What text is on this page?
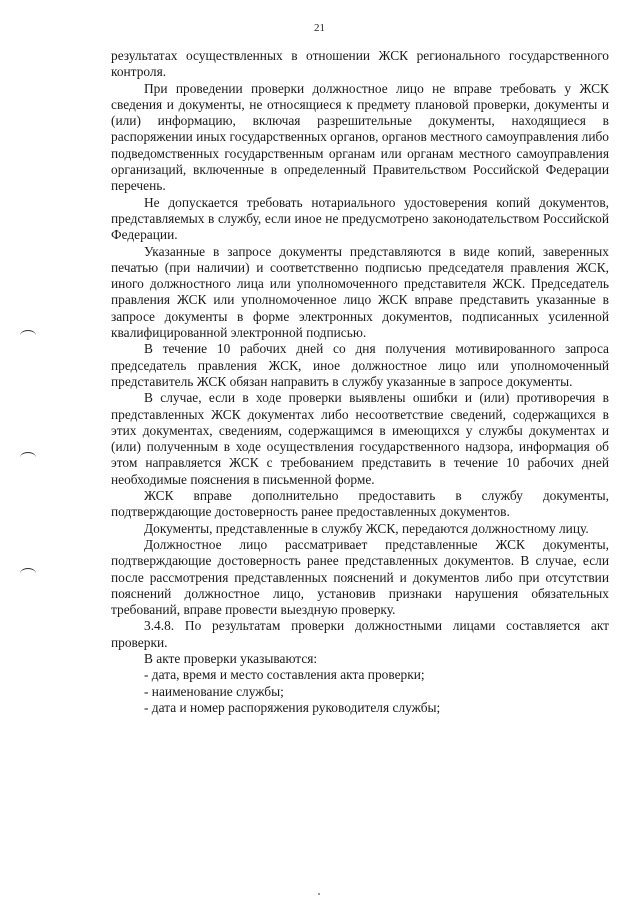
21

результатах осуществленных в отношении ЖСК регионального государственного контроля.

При проведении проверки должностное лицо не вправе требовать у ЖСК сведения и документы, не относящиеся к предмету плановой проверки, документы и (или) информацию, включая разрешительные документы, находящиеся в распоряжении иных государственных органов, органов местного самоуправления либо подведомственных государственным органам или органам местного самоуправления организаций, включенные в определенный Правительством Российской Федерации перечень.

Не допускается требовать нотариального удостоверения копий документов, представляемых в службу, если иное не предусмотрено законодательством Российской Федерации.

Указанные в запросе документы представляются в виде копий, заверенных печатью (при наличии) и соответственно подписью председателя правления ЖСК, иного должностного лица или уполномоченного представителя ЖСК. Председатель правления ЖСК или уполномоченное лицо ЖСК вправе представить указанные в запросе документы в форме электронных документов, подписанных усиленной квалифицированной электронной подписью.

В течение 10 рабочих дней со дня получения мотивированного запроса председатель правления ЖСК, иное должностное лицо или уполномоченный представитель ЖСК обязан направить в службу указанные в запросе документы.

В случае, если в ходе проверки выявлены ошибки и (или) противоречия в представленных ЖСК документах либо несоответствие сведений, содержащихся в этих документах, сведениям, содержащимся в имеющихся у службы документах и (или) полученным в ходе осуществления государственного надзора, информация об этом направляется ЖСК с требованием представить в течение 10 рабочих дней необходимые пояснения в письменной форме.

ЖСК вправе дополнительно предоставить в службу документы, подтверждающие достоверность ранее предоставленных документов.

Документы, представленные в службу ЖСК, передаются должностному лицу.

Должностное лицо рассматривает представленные ЖСК документы, подтверждающие достоверность ранее представленных документов. В случае, если после рассмотрения представленных пояснений и документов либо при отсутствии пояснений должностное лицо, установив признаки нарушения обязательных требований, вправе провести выездную проверку.

3.4.8. По результатам проверки должностными лицами составляется акт проверки.

В акте проверки указываются:

- дата, время и место составления акта проверки;

- наименование службы;

- дата и номер распоряжения руководителя службы;
